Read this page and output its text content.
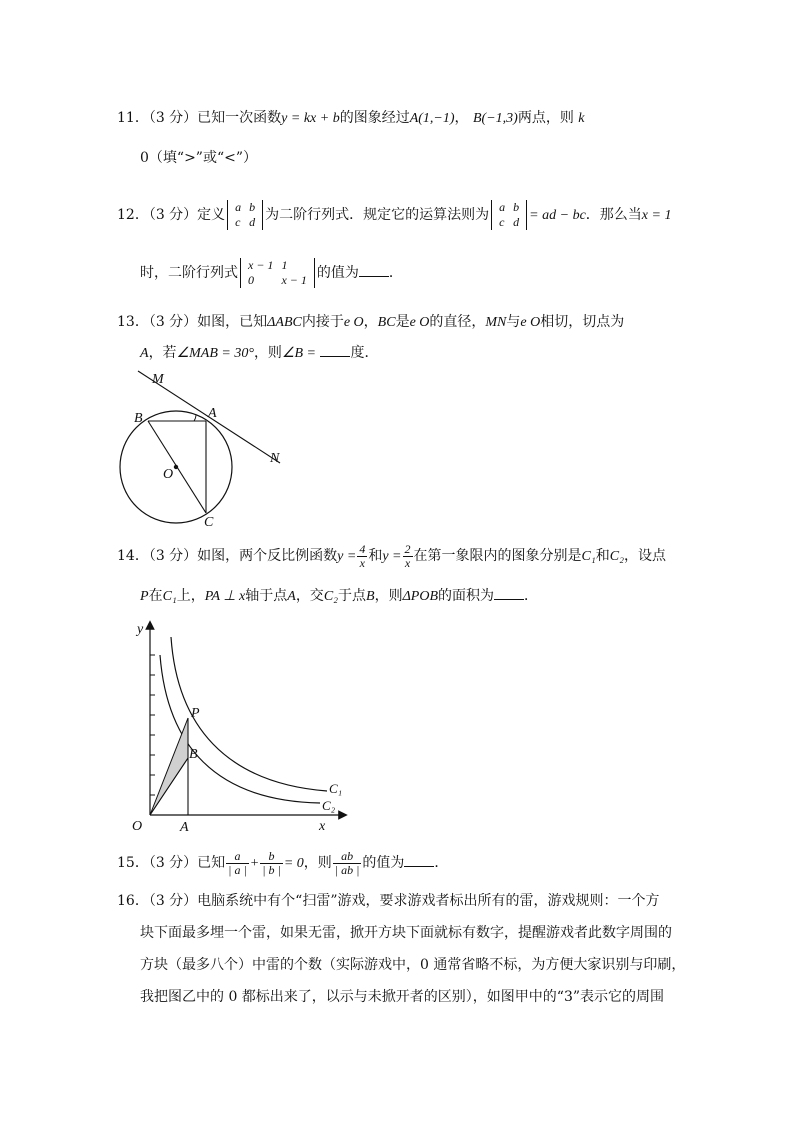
11．（3 分）已知一次函数y = kx + b的图象经过A(1,−1)， B(−1,3)两点，则 k
0（填“>”或“<”）
12．（3 分）定义 a	b
c	d 为二阶行列式．规定它的运算法则为 a	b
c	d = ad − bc．那么当x = 1
时，二阶行列式 x − 1	1
0	x − 1 的值为 ．
13．（3 分）如图，已知ΔABC内接于e O，BC是e O的直径，MN与e O相切，切点为
A，若∠MAB = 30°，则∠B = 度．
M
N
B	A
O
C
14．（3 分）如图，两个反比例函数$y = \frac{4}{x}$ 和$y = \frac{2}{x}$ 在第一象限内的图象分别是C₁和C₂，设点
P在C₁上，PA ⊥ x轴于点A，交C₂于点B，则ΔPOB的面积为 ．
y
x
O	A
P
B
C₁
C₂
15．（3 分）已知 $\frac{a}{| a |} + \frac{b}{| b |} = 0$，则 $\frac{ab}{| ab |}$ 的值为 ．
16．（3 分）电脑系统中有个“扫雷”游戏，要求游戏者标出所有的雷，游戏规则：一个方
块下面最多埋一个雷，如果无雷，掀开方块下面就标有数字，提醒游戏者此数字周围的
方块（最多八个）中雷的个数（实际游戏中，0 通常省略不标，为方便大家识别与印刷，
我把图乙中的 0 都标出来了，以示与未掀开者的区别），如图甲中的“3”表示它的周围
